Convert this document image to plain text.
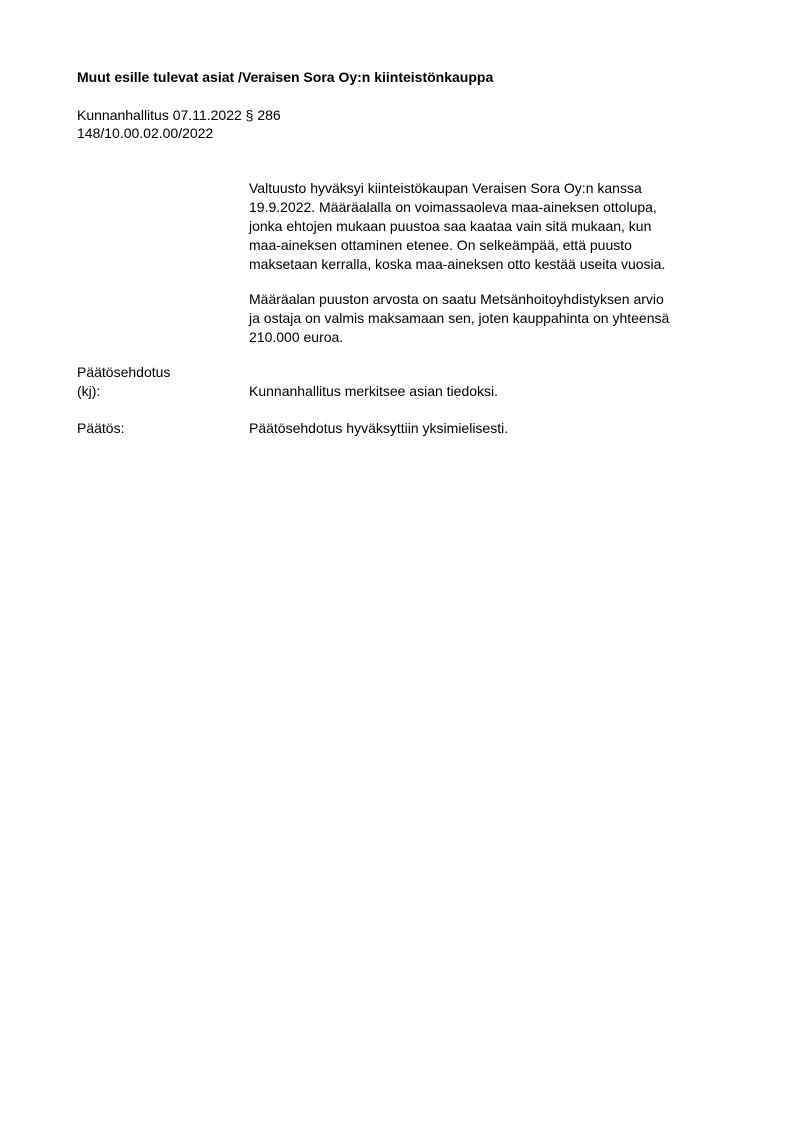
Muut esille tulevat asiat /Veraisen Sora Oy:n kiinteistönkauppa
Kunnanhallitus 07.11.2022 § 286
148/10.00.02.00/2022

Valtuusto hyväksyi kiinteistökaupan Veraisen Sora Oy:n kanssa

19.9.2022. Määräalalla on voimassaoleva maa-aineksen ottolupa,

jonka ehtojen mukaan puustoa saa kaataa vain sitä mukaan, kun

maa-aineksen ottaminen etenee. On selkeämpää, että puusto

maksetaan kerralla, koska maa-aineksen otto kestää useita vuosia.

Määräalan puuston arvosta on saatu Metsänhoitoyhdistyksen arvio

ja ostaja on valmis maksamaan sen, joten kauppahinta on yhteensä

210.000 euroa.

Päätösehdotus
(kj):	Kunnanhallitus merkitsee asian tiedoksi.

Päätös:	Päätösehdotus hyväksyttiin yksimielisesti.
